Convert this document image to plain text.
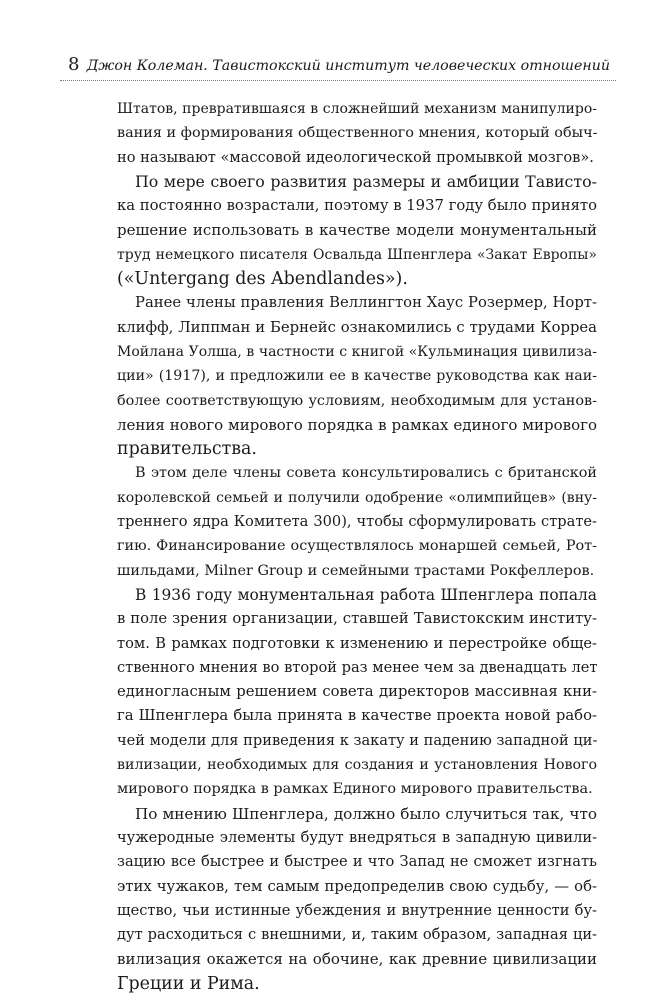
8 Джон Колеман. Тавистокский институт человеческих отношений
Штатов, превратившаяся в сложнейший механизм манипулиро-
вания и формирования общественного мнения, который обыч-
но называют «массовой идеологической промывкой мозгов».
По мере своего развития размеры и амбиции Тависто-
ка постоянно возрастали, поэтому в 1937 году было принято
решение использовать в качестве модели монументальный
труд немецкого писателя Освальда Шпенглера «Закат Европы»
(«Untergang des Abendlandes»).
Ранее члены правления Веллингтон Хаус Розермер, Норт-
клифф, Липпман и Бернейс ознакомились с трудами Корреа
Мойлана Уолша, в частности с книгой «Кульминация цивилиза-
ции» (1917), и предложили ее в качестве руководства как наи-
более соответствующую условиям, необходимым для установ-
ления нового мирового порядка в рамках единого мирового
правительства.
В этом деле члены совета консультировались с британской
королевской семьей и получили одобрение «олимпийцев» (вну-
треннего ядра Комитета 300), чтобы сформулировать страте-
гию. Финансирование осуществлялось монаршей семьей, Рот-
шильдами, Milner Group и семейными трастами Рокфеллеров.
В 1936 году монументальная работа Шпенглера попала
в поле зрения организации, ставшей Тавистокским институ-
том. В рамках подготовки к изменению и перестройке обще-
ственного мнения во второй раз менее чем за двенадцать лет
единогласным решением совета директоров массивная кни-
га Шпенглера была принята в качестве проекта новой рабо-
чей модели для приведения к закату и падению западной ци-
вилизации, необходимых для создания и установления Нового
мирового порядка в рамках Единого мирового правительства.
По мнению Шпенглера, должно было случиться так, что
чужеродные элементы будут внедряться в западную цивили-
зацию все быстрее и быстрее и что Запад не сможет изгнать
этих чужаков, тем самым предопределив свою судьбу, — об-
щество, чьи истинные убеждения и внутренние ценности бу-
дут расходиться с внешними, и, таким образом, западная ци-
вилизация окажется на обочине, как древние цивилизации
Греции и Рима.
